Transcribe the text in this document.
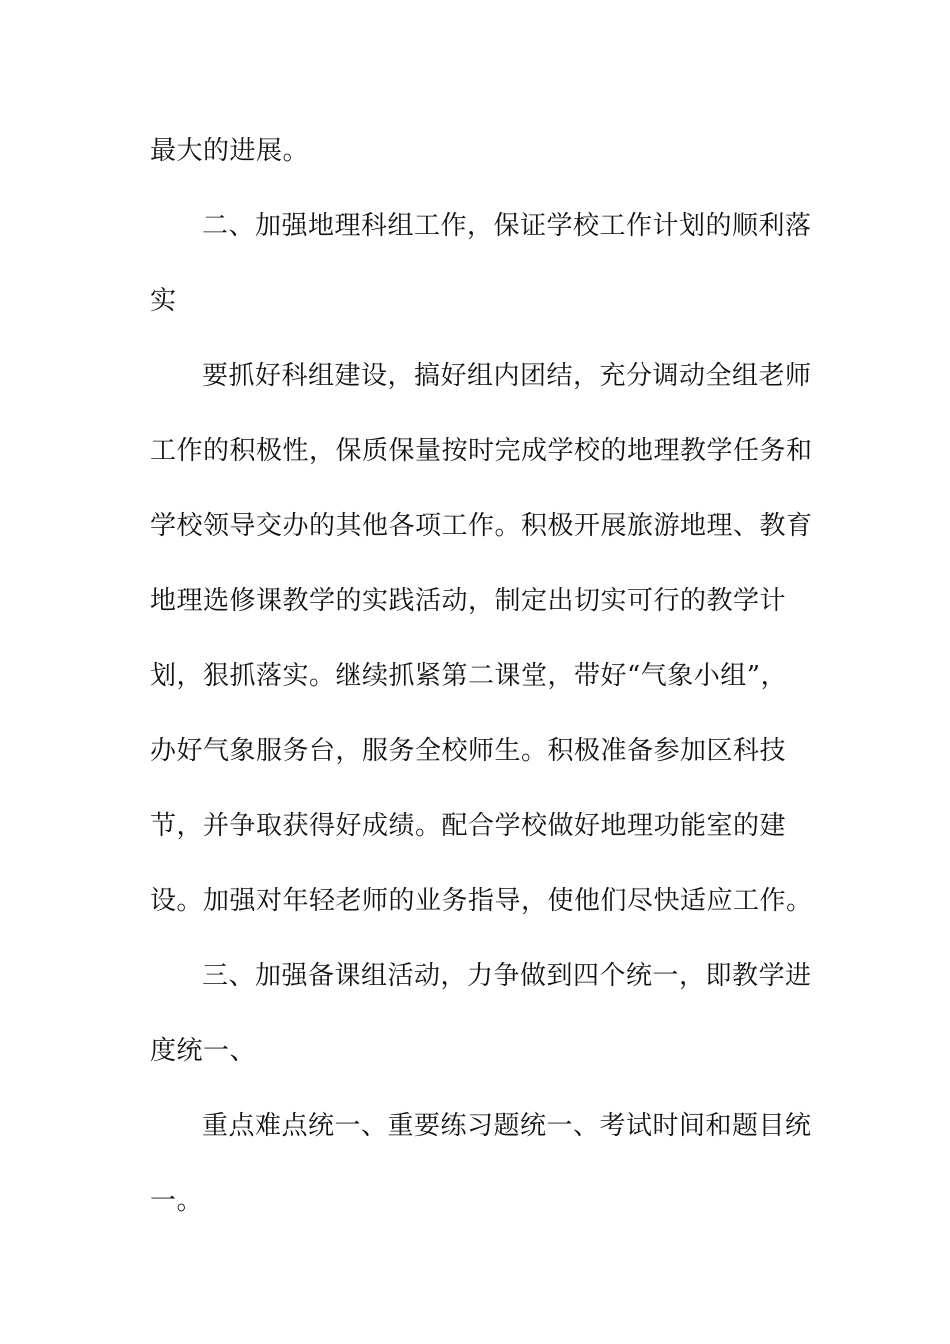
最大的进展。
二、加强地理科组工作，保证学校工作计划的顺利落
实
要抓好科组建设，搞好组内团结，充分调动全组老师
工作的积极性，保质保量按时完成学校的地理教学任务和
学校领导交办的其他各项工作。积极开展旅游地理、教育
地理选修课教学的实践活动，制定出切实可行的教学计
划，狠抓落实。继续抓紧第二课堂，带好“气象小组”，
办好气象服务台，服务全校师生。积极准备参加区科技
节，并争取获得好成绩。配合学校做好地理功能室的建
设。加强对年轻老师的业务指导，使他们尽快适应工作。
三、加强备课组活动，力争做到四个统一，即教学进
度统一、
重点难点统一、重要练习题统一、考试时间和题目统
一。
